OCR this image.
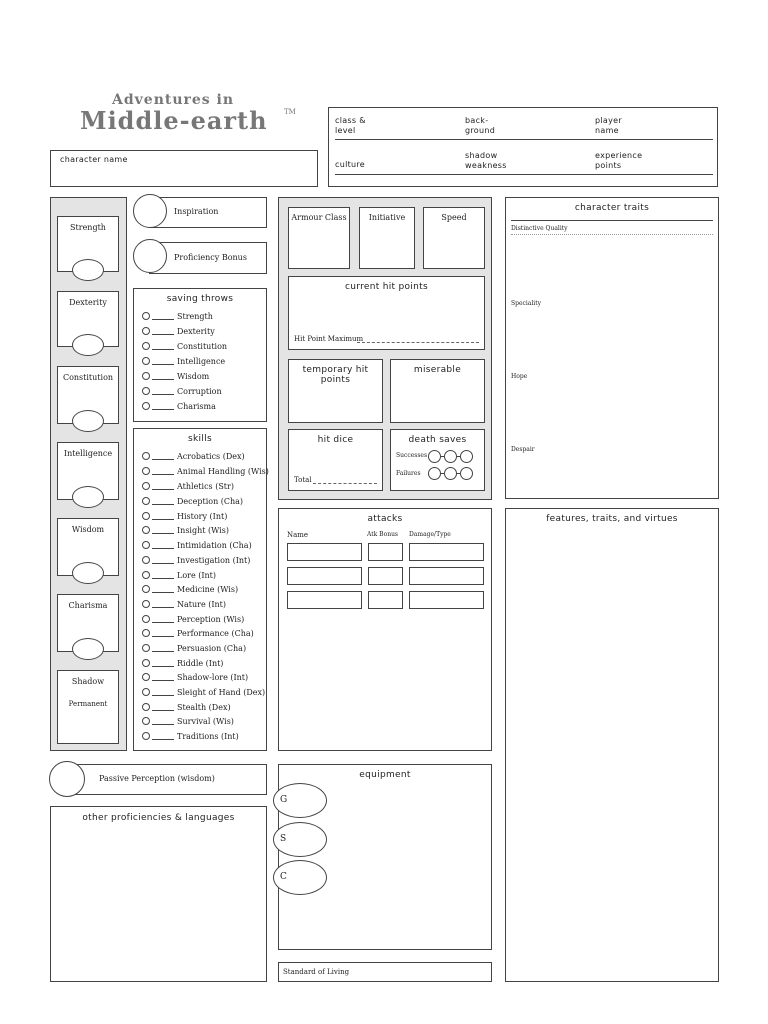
Adventures in
Middle-earth TM
character name
class &
level
back-
ground
player
name
culture
shadow
weakness
experience
points
Strength
Dexterity
Constitution
Intelligence
Wisdom
Charisma
Shadow
Permanent
Inspiration
Proficiency Bonus
saving throws
Strength
Dexterity
Constitution
Intelligence
Wisdom
Corruption
Charisma
skills
Acrobatics (Dex)
Animal Handling (Wis)
Athletics (Str)
Deception (Cha)
History (Int)
Insight (Wis)
Intimidation (Cha)
Investigation (Int)
Lore (Int)
Medicine (Wis)
Nature (Int)
Perception (Wis)
Performance (Cha)
Persuasion (Cha)
Riddle (Int)
Shadow-lore (Int)
Sleight of Hand (Dex)
Stealth (Dex)
Survival (Wis)
Traditions (Int)
Passive Perception (wisdom)
other proficiencies & languages
Armour Class	Initiative	Speed
current hit points
Hit Point Maximum
temporary hit
points
miserable
hit dice
Total
death saves
Successes
Failures
attacks
Name	Atk Bonus Damage/Type
equipment
G
S
C
Standard of Living
character traits
Distinctive Quality
Speciality
Hope
Despair
features, traits, and virtues
